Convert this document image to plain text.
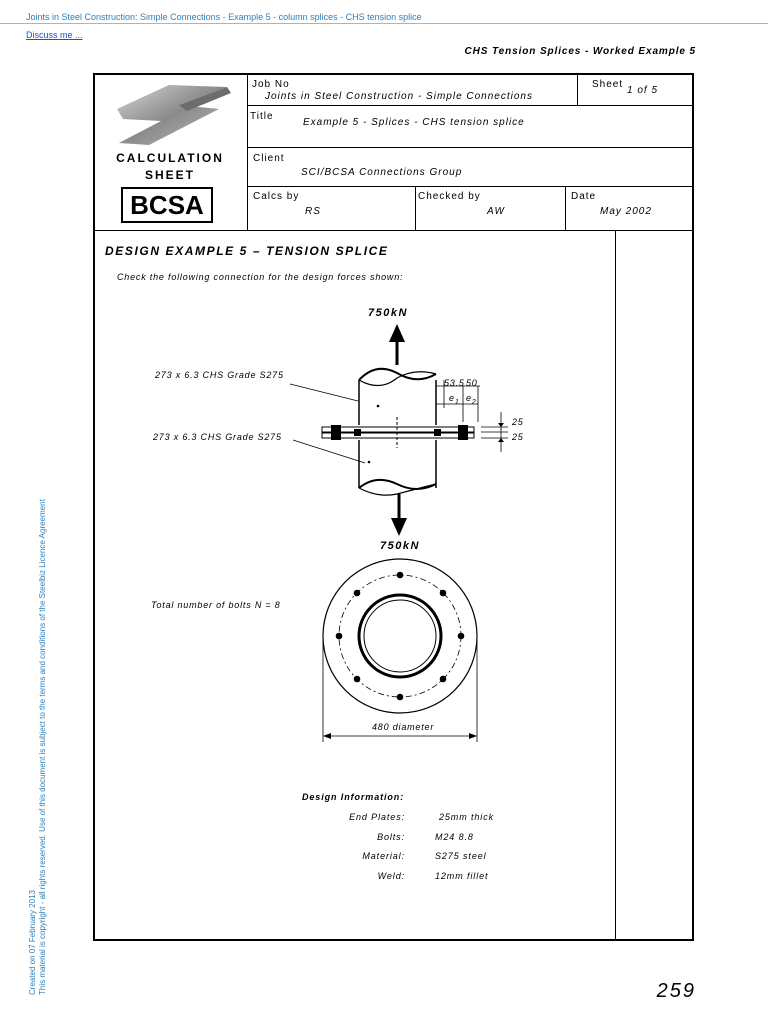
Joints in Steel Construction: Simple Connections - Example 5 - column splices - CHS tension splice
Discuss me ...
CHS Tension Splices - Worked Example 5
CALCULATION
SHEET
BCSA
Job No
Joints in Steel Construction - Simple Connections
Sheet
1 of 5
Title
Example 5 - Splices - CHS tension splice
Client
SCI/BCSA Connections Group
Calcs by
RS
Checked by
AW
Date
May 2002
DESIGN EXAMPLE 5 – TENSION SPLICE
Check the following connection for the design forces shown:
Design Information:
End Plates:	25mm thick
Bolts:	M24 8.8
Material:	S275 steel
Weld:	12mm fillet
750kN
750kN
273 x 6.3 CHS Grade S275
273 x 6.3 CHS Grade S275
53.5 50
$e_1$ $e_2$
25
25
Total number of bolts N = 8
480 diameter
Created on 07 February 2013 This material is copyright - all rights reserved. Use of this document is subject to the terms and conditions of the Steelbiz Licence Agreement	259
